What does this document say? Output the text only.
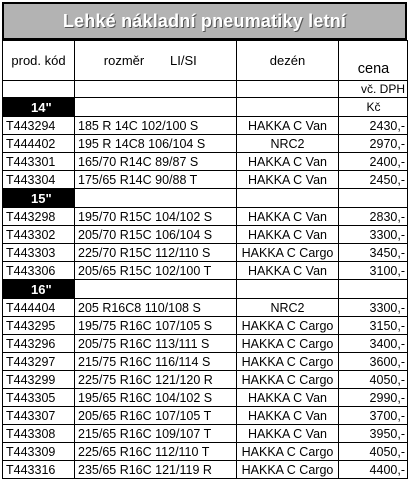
Lehké nákladní pneumatiky letní
prod. kód	rozměr LI/SI	dezén	cena
			vč. DPH
14"			Kč
T443294	185 R 14C 102/100 S	HAKKA C Van	2430,-
T444402	195 R 14C8 106/104 S	NRC2	2970,-
T443301	165/70 R14C 89/87 S	HAKKA C Van	2400,-
T443304	175/65 R14C 90/88 T	HAKKA C Van	2450,-
15"			
T443298	195/70 R15C 104/102 S	HAKKA C Van	2830,-
T443302	205/70 R15C 106/104 S	HAKKA C Van	3300,-
T443303	225/70 R15C 112/110 S	HAKKA C Cargo	3450,-
T443306	205/65 R15C 102/100 T	HAKKA C Van	3100,-
16"			
T444404	205 R16C8 110/108 S	NRC2	3300,-
T443295	195/75 R16C 107/105 S	HAKKA C Cargo	3150,-
T443296	205/75 R16C 113/111 S	HAKKA C Cargo	3400,-
T443297	215/75 R16C 116/114 S	HAKKA C Cargo	3600,-
T443299	225/75 R16C 121/120 R	HAKKA C Cargo	4050,-
T443305	195/65 R16C 104/102 S	HAKKA C Van	2990,-
T443307	205/65 R16C 107/105 T	HAKKA C Van	3700,-
T443308	215/65 R16C 109/107 T	HAKKA C Van	3950,-
T443309	225/65 R16C 112/110 T	HAKKA C Cargo	4050,-
T443316	235/65 R16C 121/119 R	HAKKA C Cargo	4400,-
